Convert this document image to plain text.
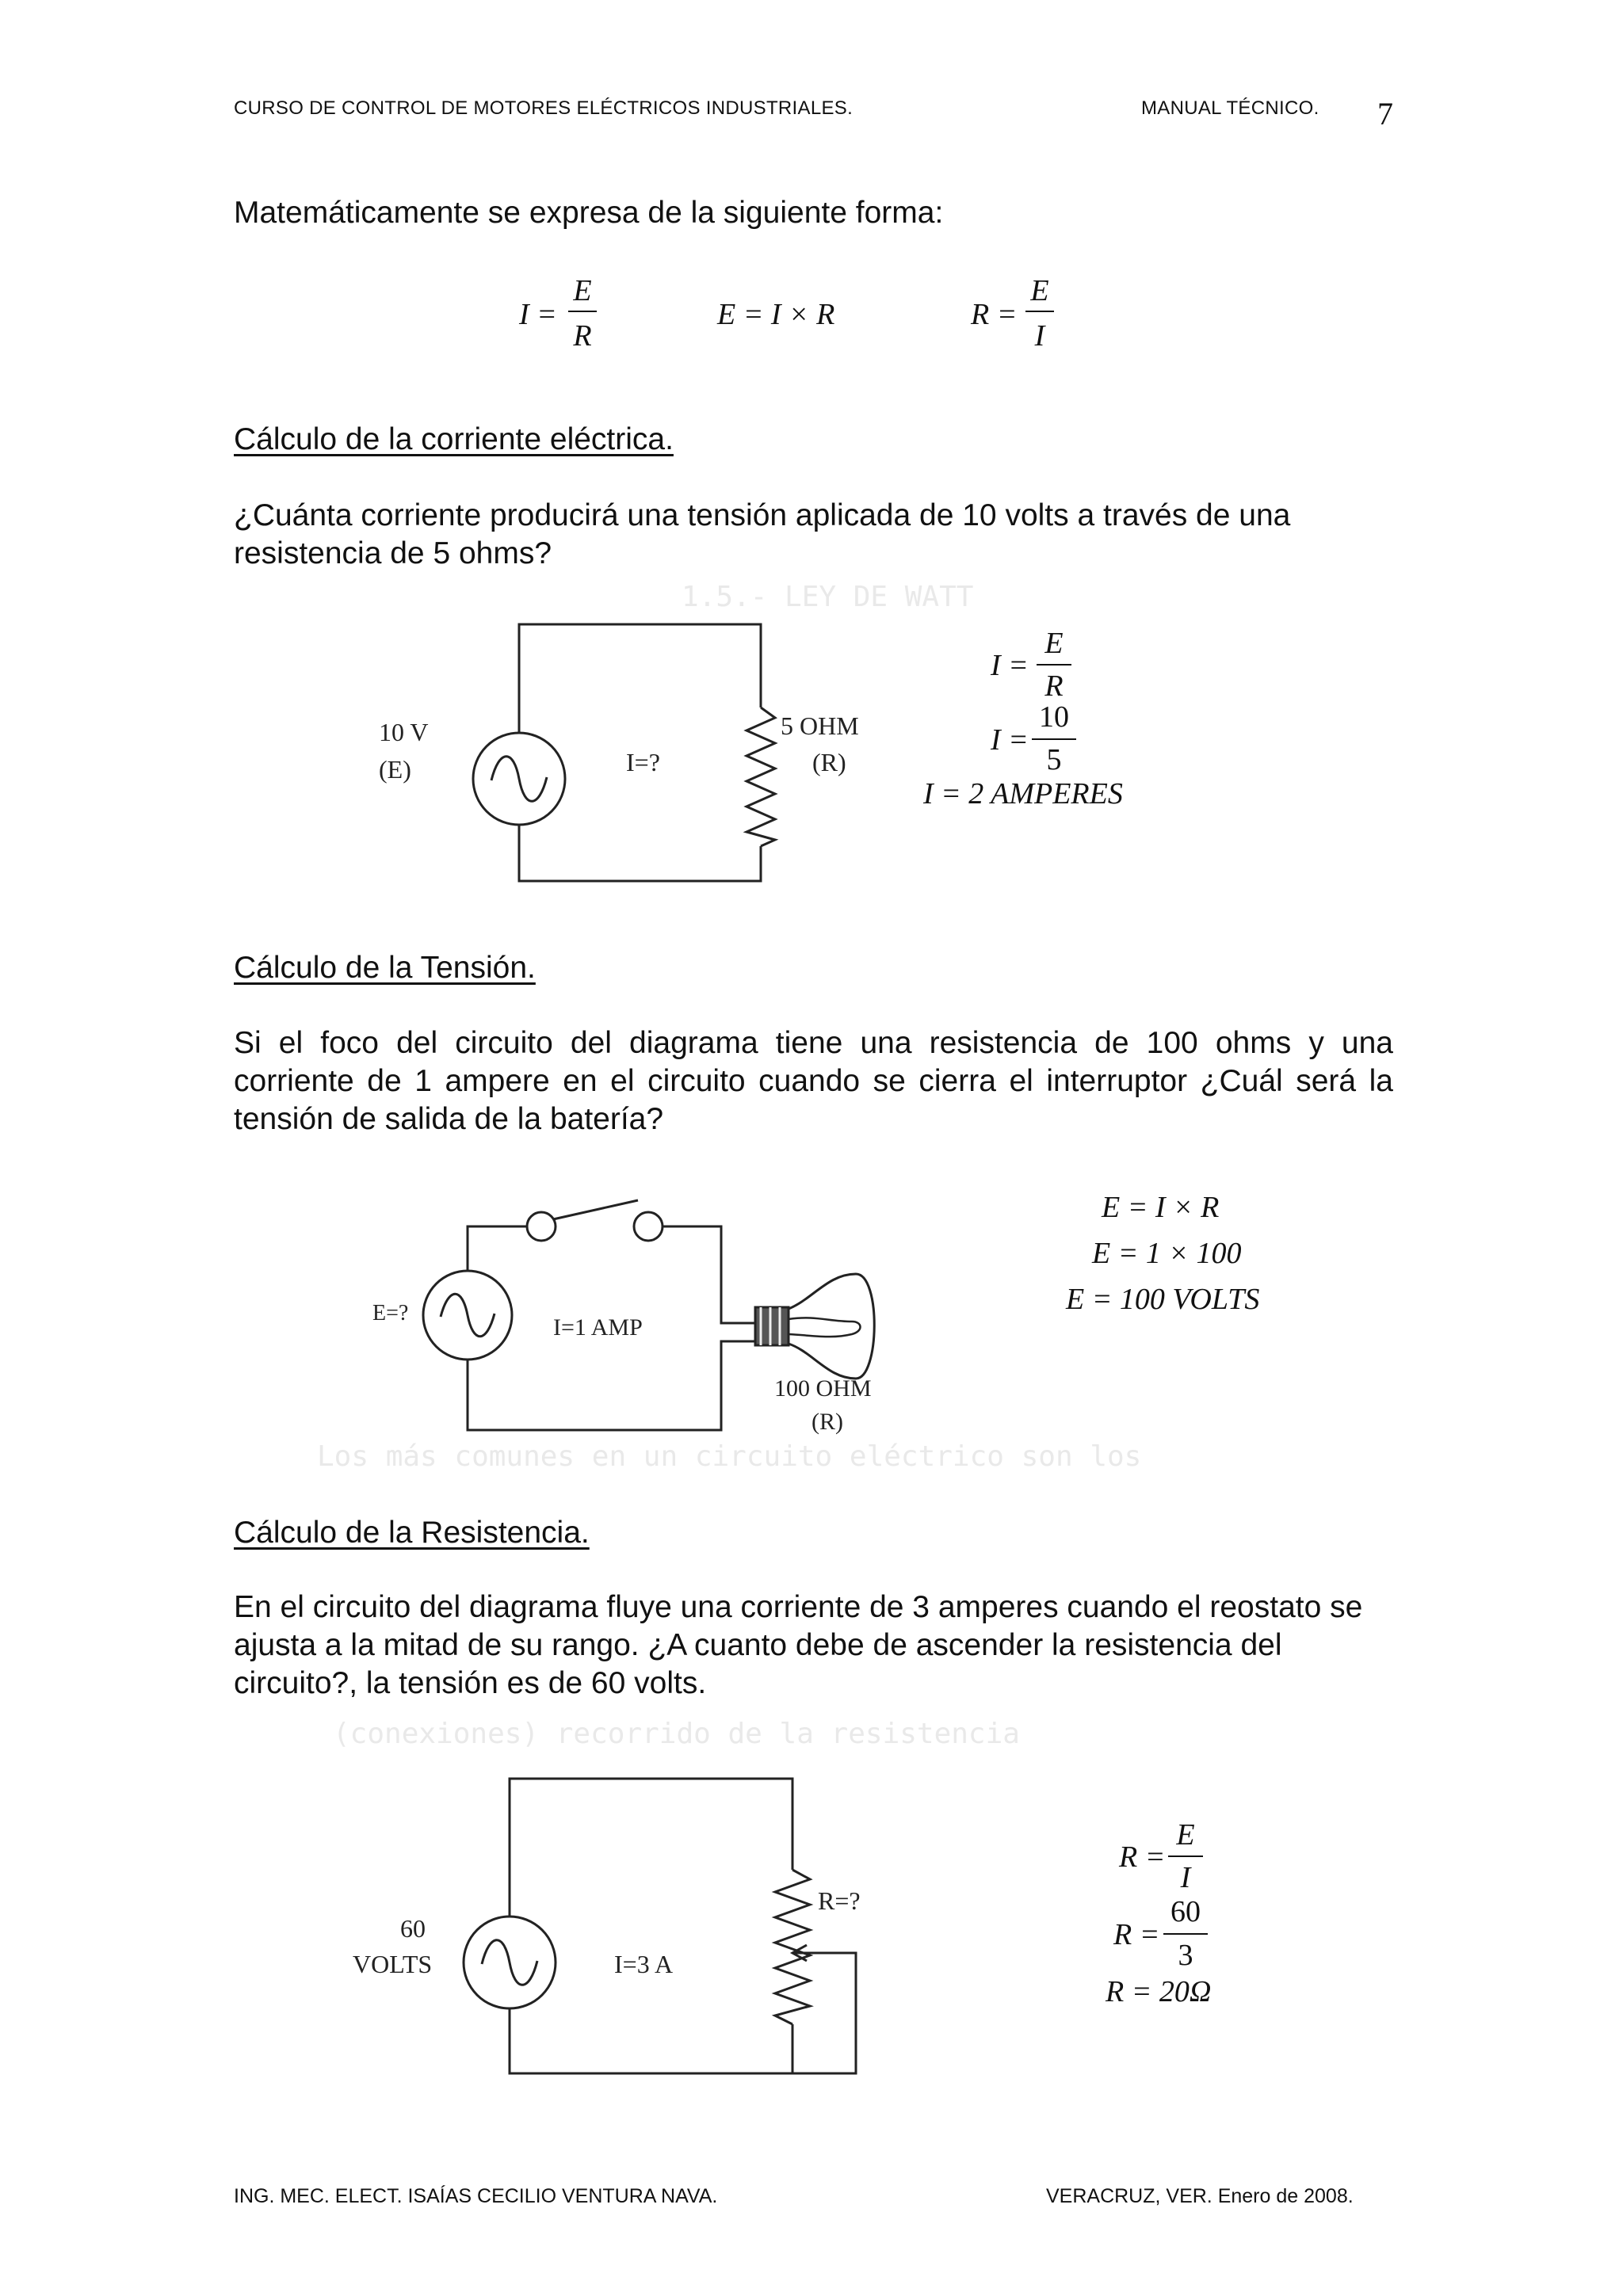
CURSO DE CONTROL DE MOTORES ELÉCTRICOS INDUSTRIALES.	MANUAL TÉCNICO. 7
Matemáticamente se expresa de la siguiente forma:
I =
E
R
E = I × R	R =
E
I
Cálculo de la corriente eléctrica.
¿Cuánta corriente producirá una tensión aplicada de 10 volts a través de una resistencia de 5 ohms?
1.5.- LEY DE WATT
10 V
(E)	I=?
5 OHM
(R)
I =
E
R
I =
10
5
I = 2 AMPERES
Cálculo de la Tensión.
Si el foco del circuito del diagrama tiene una resistencia de 100 ohms y una corriente de 1 ampere en el circuito cuando se cierra el interruptor ¿Cuál será la tensión de salida de la batería?
Los más comunes en un circuito eléctrico son los
E=?
I=1 AMP
100 OHM
(R)
E = I × R
E = 1 × 100
E = 100 VOLTS
Cálculo de la Resistencia.
En el circuito del diagrama fluye una corriente de 3 amperes cuando el reostato se ajusta a la mitad de su rango. ¿A cuanto debe de ascender la resistencia del circuito?, la tensión es de 60 volts.
(conexiones) recorrido de la resistencia
60
VOLTS	I=3 A
R=?
R =
E
I
R =
60
3
R = 20Ω
ING. MEC. ELECT. ISAÍAS CECILIO VENTURA NAVA.	VERACRUZ, VER. Enero de 2008.
